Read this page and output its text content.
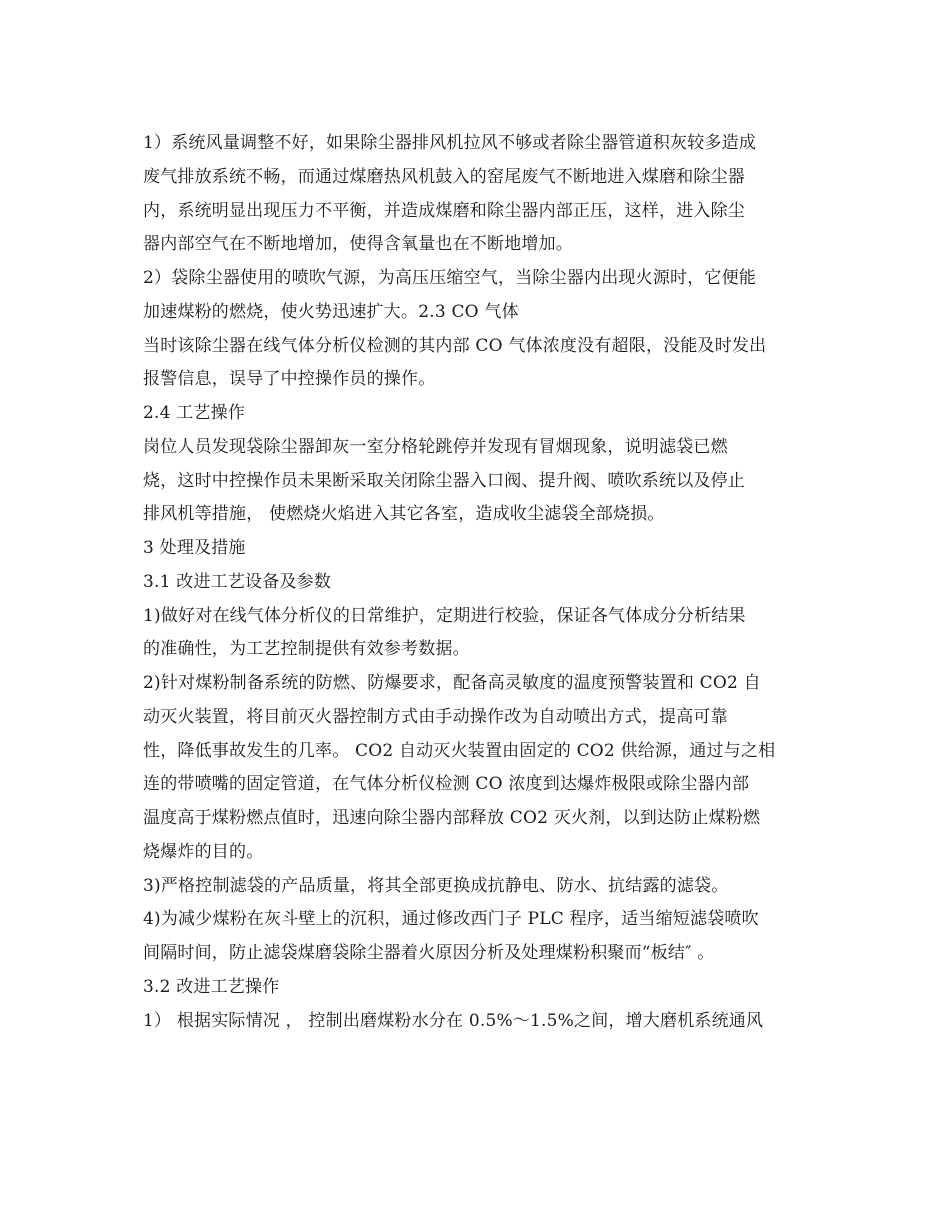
1）系统风量调整不好，如果除尘器排风机拉风不够或者除尘器管道积灰较多造成
废气排放系统不畅，而通过煤磨热风机鼓入的窑尾废气不断地进入煤磨和除尘器
内，系统明显出现压力不平衡，并造成煤磨和除尘器内部正压，这样，进入除尘
器内部空气在不断地增加，使得含氧量也在不断地增加。
2）袋除尘器使用的喷吹气源，为高压压缩空气，当除尘器内出现火源时，它便能
加速煤粉的燃烧，使火势迅速扩大。2.3 CO 气体
当时该除尘器在线气体分析仪检测的其内部 CO 气体浓度没有超限，没能及时发出
报警信息，误导了中控操作员的操作。
2.4 工艺操作
岗位人员发现袋除尘器卸灰一室分格轮跳停并发现有冒烟现象，说明滤袋已燃
烧，这时中控操作员未果断采取关闭除尘器入口阀、提升阀、喷吹系统以及停止
排风机等措施， 使燃烧火焰进入其它各室，造成收尘滤袋全部烧损。
3 处理及措施
3.1 改进工艺设备及参数
1)做好对在线气体分析仪的日常维护，定期进行校验，保证各气体成分分析结果
的准确性，为工艺控制提供有效参考数据。
2)针对煤粉制备系统的防燃、防爆要求，配备高灵敏度的温度预警装置和 CO2 自
动灭火装置，将目前灭火器控制方式由手动操作改为自动喷出方式，提高可靠
性，降低事故发生的几率。 CO2 自动灭火装置由固定的 CO2 供给源，通过与之相
连的带喷嘴的固定管道，在气体分析仪检测 CO 浓度到达爆炸极限或除尘器内部
温度高于煤粉燃点值时，迅速向除尘器内部释放 CO2 灭火剂，以到达防止煤粉燃
烧爆炸的目的。
3)严格控制滤袋的产品质量，将其全部更换成抗静电、防水、抗结露的滤袋。
4)为减少煤粉在灰斗壁上的沉积，通过修改西门子 PLC 程序，适当缩短滤袋喷吹
间隔时间，防止滤袋煤磨袋除尘器着火原因分析及处理煤粉积聚而“板结″ 。
3.2 改进工艺操作
1） 根据实际情况 ， 控制出磨煤粉水分在 0.5%～1.5%之间，增大磨机系统通风
